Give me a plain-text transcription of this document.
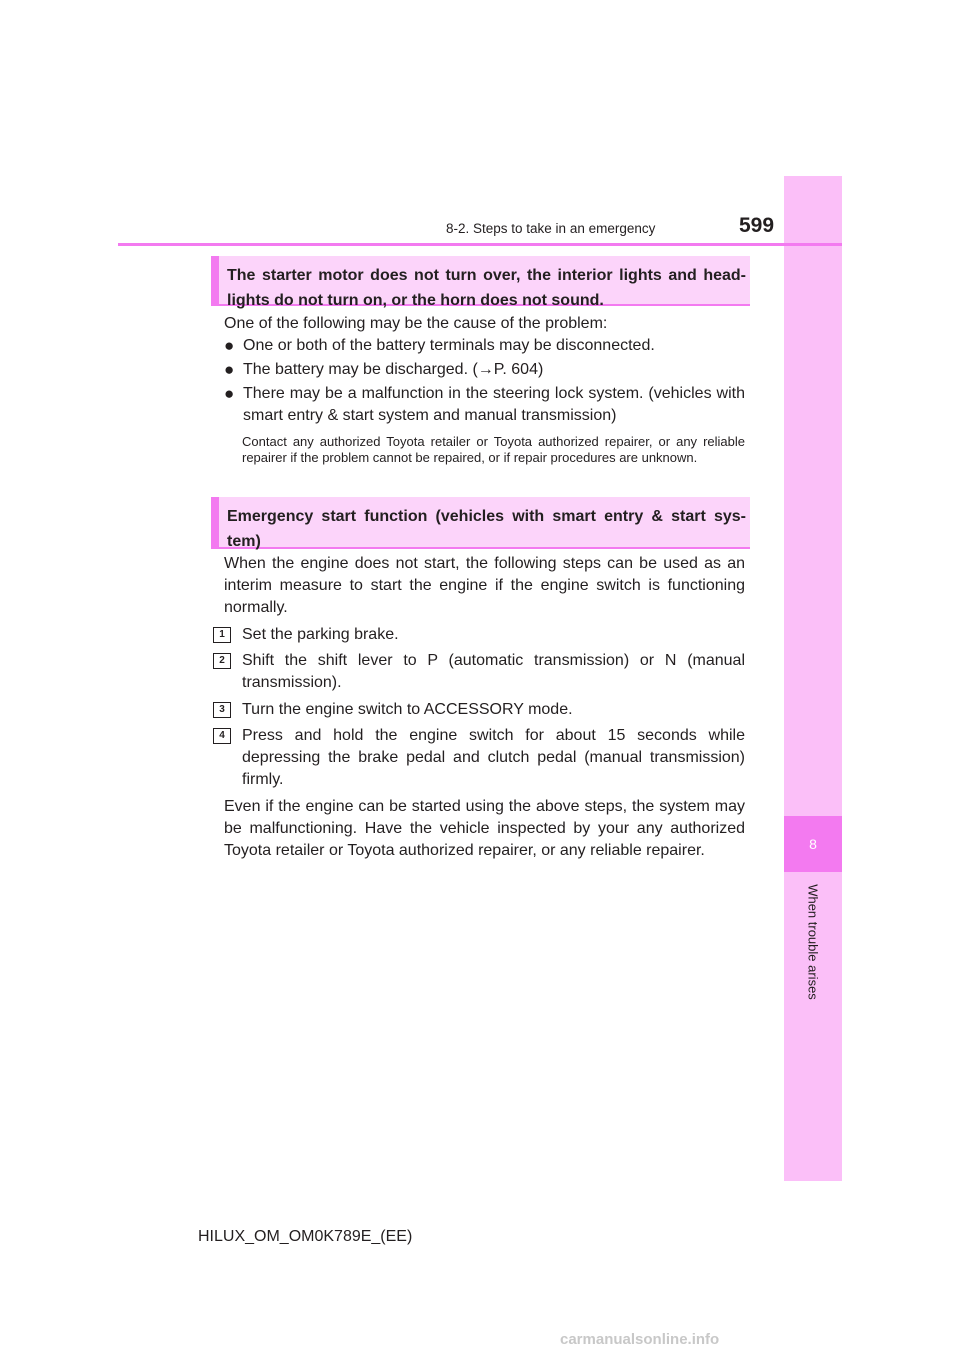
8
When trouble arises
8-2. Steps to take in an emergency	599
The starter motor does not turn over, the interior lights and head-lights do not turn on, or the horn does not sound.
One of the following may be the cause of the problem:
● One or both of the battery terminals may be disconnected.
● The battery may be discharged. (→P. 604)
● There may be a malfunction in the steering lock system. (vehicles with smart entry & start system and manual transmission)
Contact any authorized Toyota retailer or Toyota authorized repairer, or any reliable repairer if the problem cannot be repaired, or if repair procedures are unknown.
Emergency start function (vehicles with smart entry & start sys-tem)
When the engine does not start, the following steps can be used as an interim measure to start the engine if the engine switch is functioning normally.
1	Set the parking brake.
2	Shift the shift lever to P (automatic transmission) or N (manual transmission).
3	Turn the engine switch to ACCESSORY mode.
4	Press and hold the engine switch for about 15 seconds while depressing the brake pedal and clutch pedal (manual transmission) firmly.
Even if the engine can be started using the above steps, the system may be malfunctioning. Have the vehicle inspected by your any authorized Toyota retailer or Toyota authorized repairer, or any reliable repairer.
HILUX_OM_OM0K789E_(EE)
carmanualsonline.info
